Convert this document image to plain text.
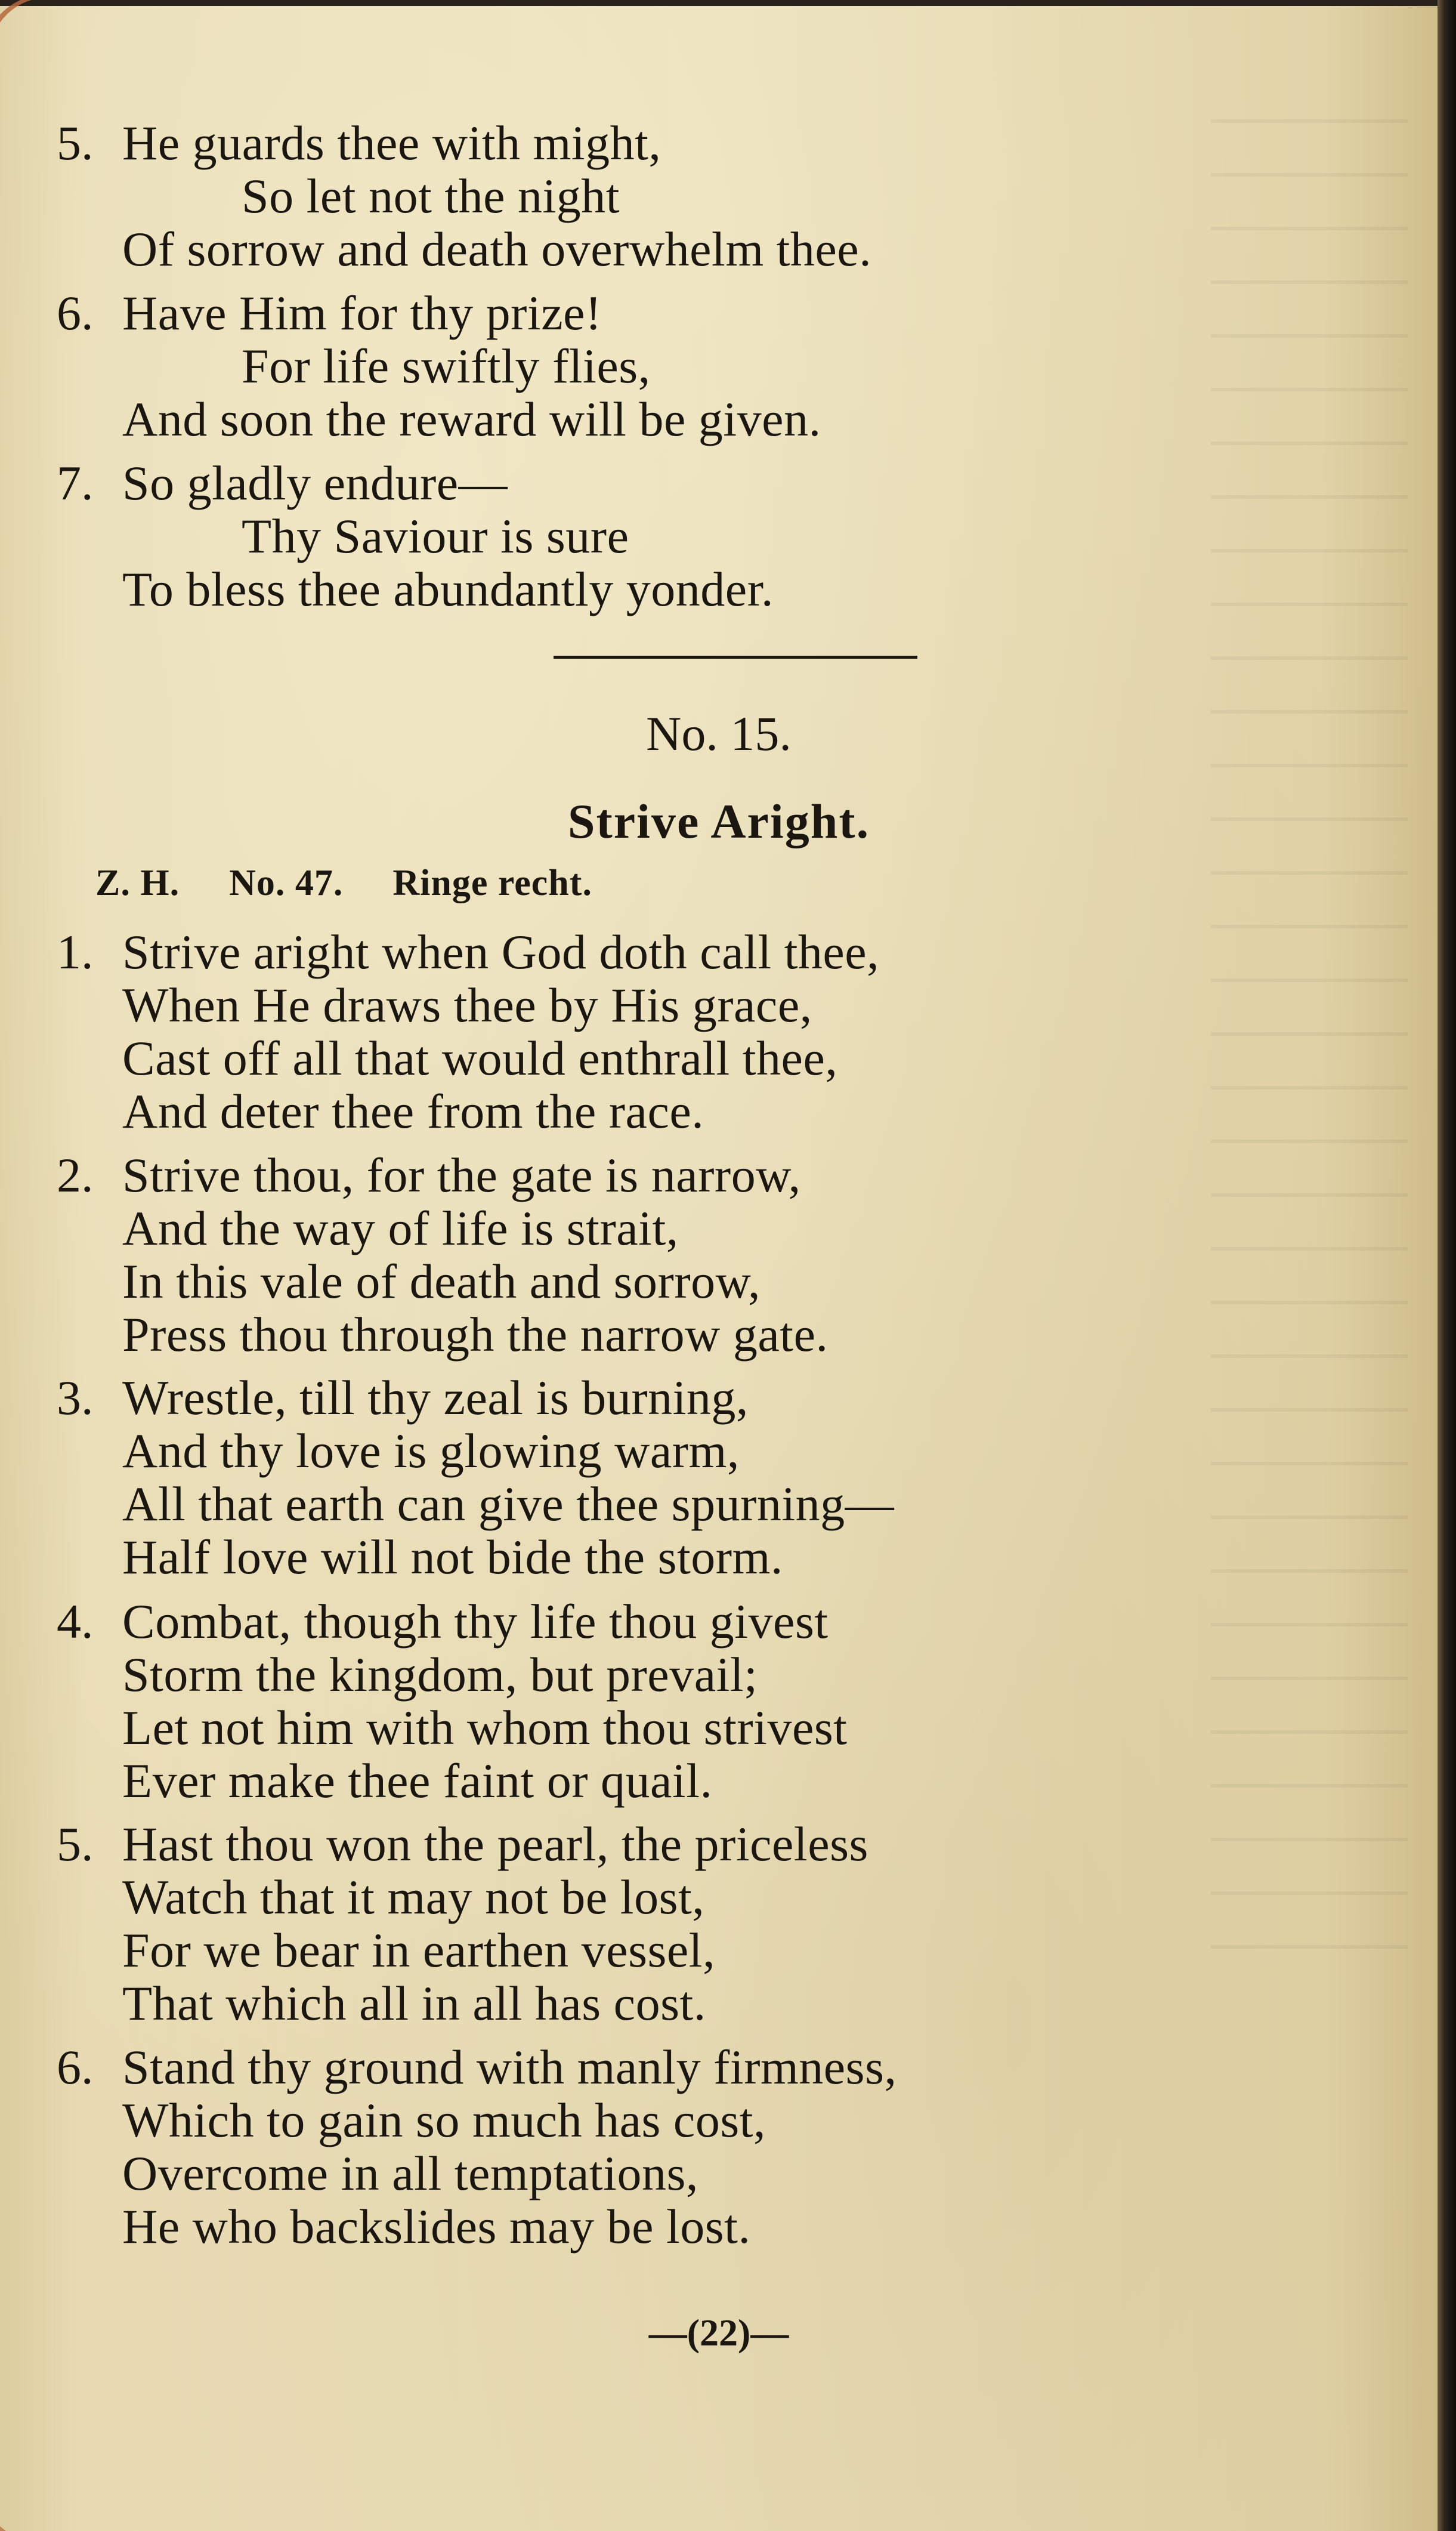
5. He guards thee with might,
So let not the night
Of sorrow and death overwhelm thee.
6. Have Him for thy prize!
For life swiftly flies,
And soon the reward will be given.
7. So gladly endure—
Thy Saviour is sure
To bless thee abundantly yonder.
No. 15.
Strive Aright.
Z. H. No. 47. Ringe recht.
1. Strive aright when God doth call thee,
When He draws thee by His grace,
Cast off all that would enthrall thee,
And deter thee from the race.
2. Strive thou, for the gate is narrow,
And the way of life is strait,
In this vale of death and sorrow,
Press thou through the narrow gate.
3. Wrestle, till thy zeal is burning,
And thy love is glowing warm,
All that earth can give thee spurning—
Half love will not bide the storm.
4. Combat, though thy life thou givest
Storm the kingdom, but prevail;
Let not him with whom thou strivest
Ever make thee faint or quail.
5. Hast thou won the pearl, the priceless
Watch that it may not be lost,
For we bear in earthen vessel,
That which all in all has cost.
6. Stand thy ground with manly firmness,
Which to gain so much has cost,
Overcome in all temptations,
He who backslides may be lost.
—(22)—
